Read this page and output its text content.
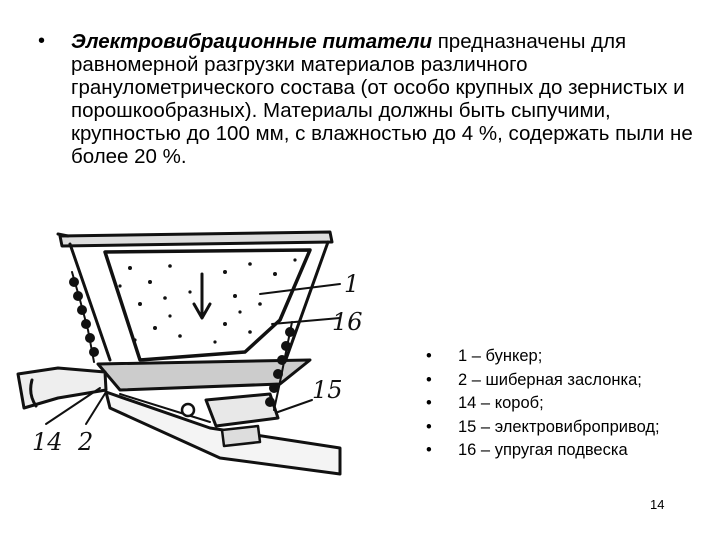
• Электровибрационные питатели предназначены для равномерной разгрузки материалов различного гранулометрического состава (от особо крупных до зернистых и порошкообразных). Материалы должны быть сыпучими, крупностью до 100 мм, с влажностью до 4 %, содержать пыли не более 20 %.
1
16
15
14 2
• 1 – бункер;
• 2 – шиберная заслонка;
• 14 – короб;
• 15 – электровибропривод;
• 16 – упругая подвеска
14
